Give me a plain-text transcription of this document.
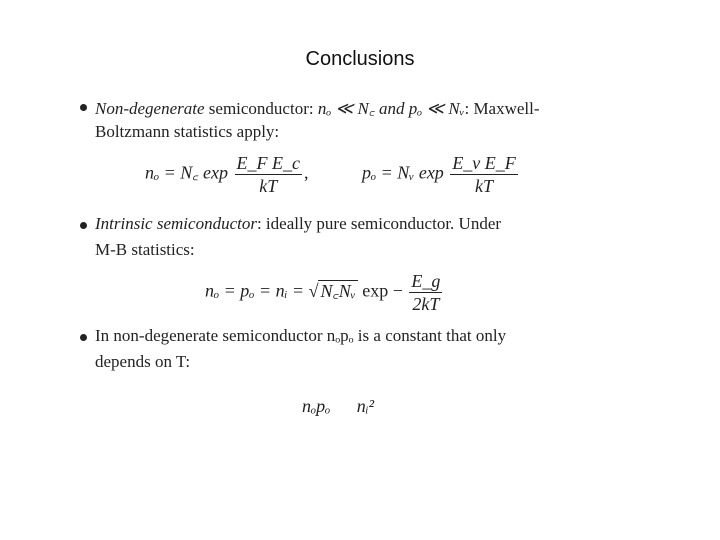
Conclusions
Non-degenerate semiconductor: nₒ ≪ N꜀ and pₒ ≪ Nᵥ: Maxwell-
Boltzmann statistics apply:
nₒ = N꜀ $\exp \frac{\text{E\_F E\_c}}{kT}$ ,	pₒ = Nᵥ $\exp \frac{\text{E\_v E\_F}}{kT}$
Intrinsic semiconductor: ideally pure semiconductor. Under
M-B statistics:
nₒ = pₒ = nᵢ = √ N꜀Nᵥ $\exp - \frac{E\_g}{2kT}$
In non-degenerate semiconductor nₒpₒ is a constant that only
depends on T:
nₒpₒ nᵢ²
